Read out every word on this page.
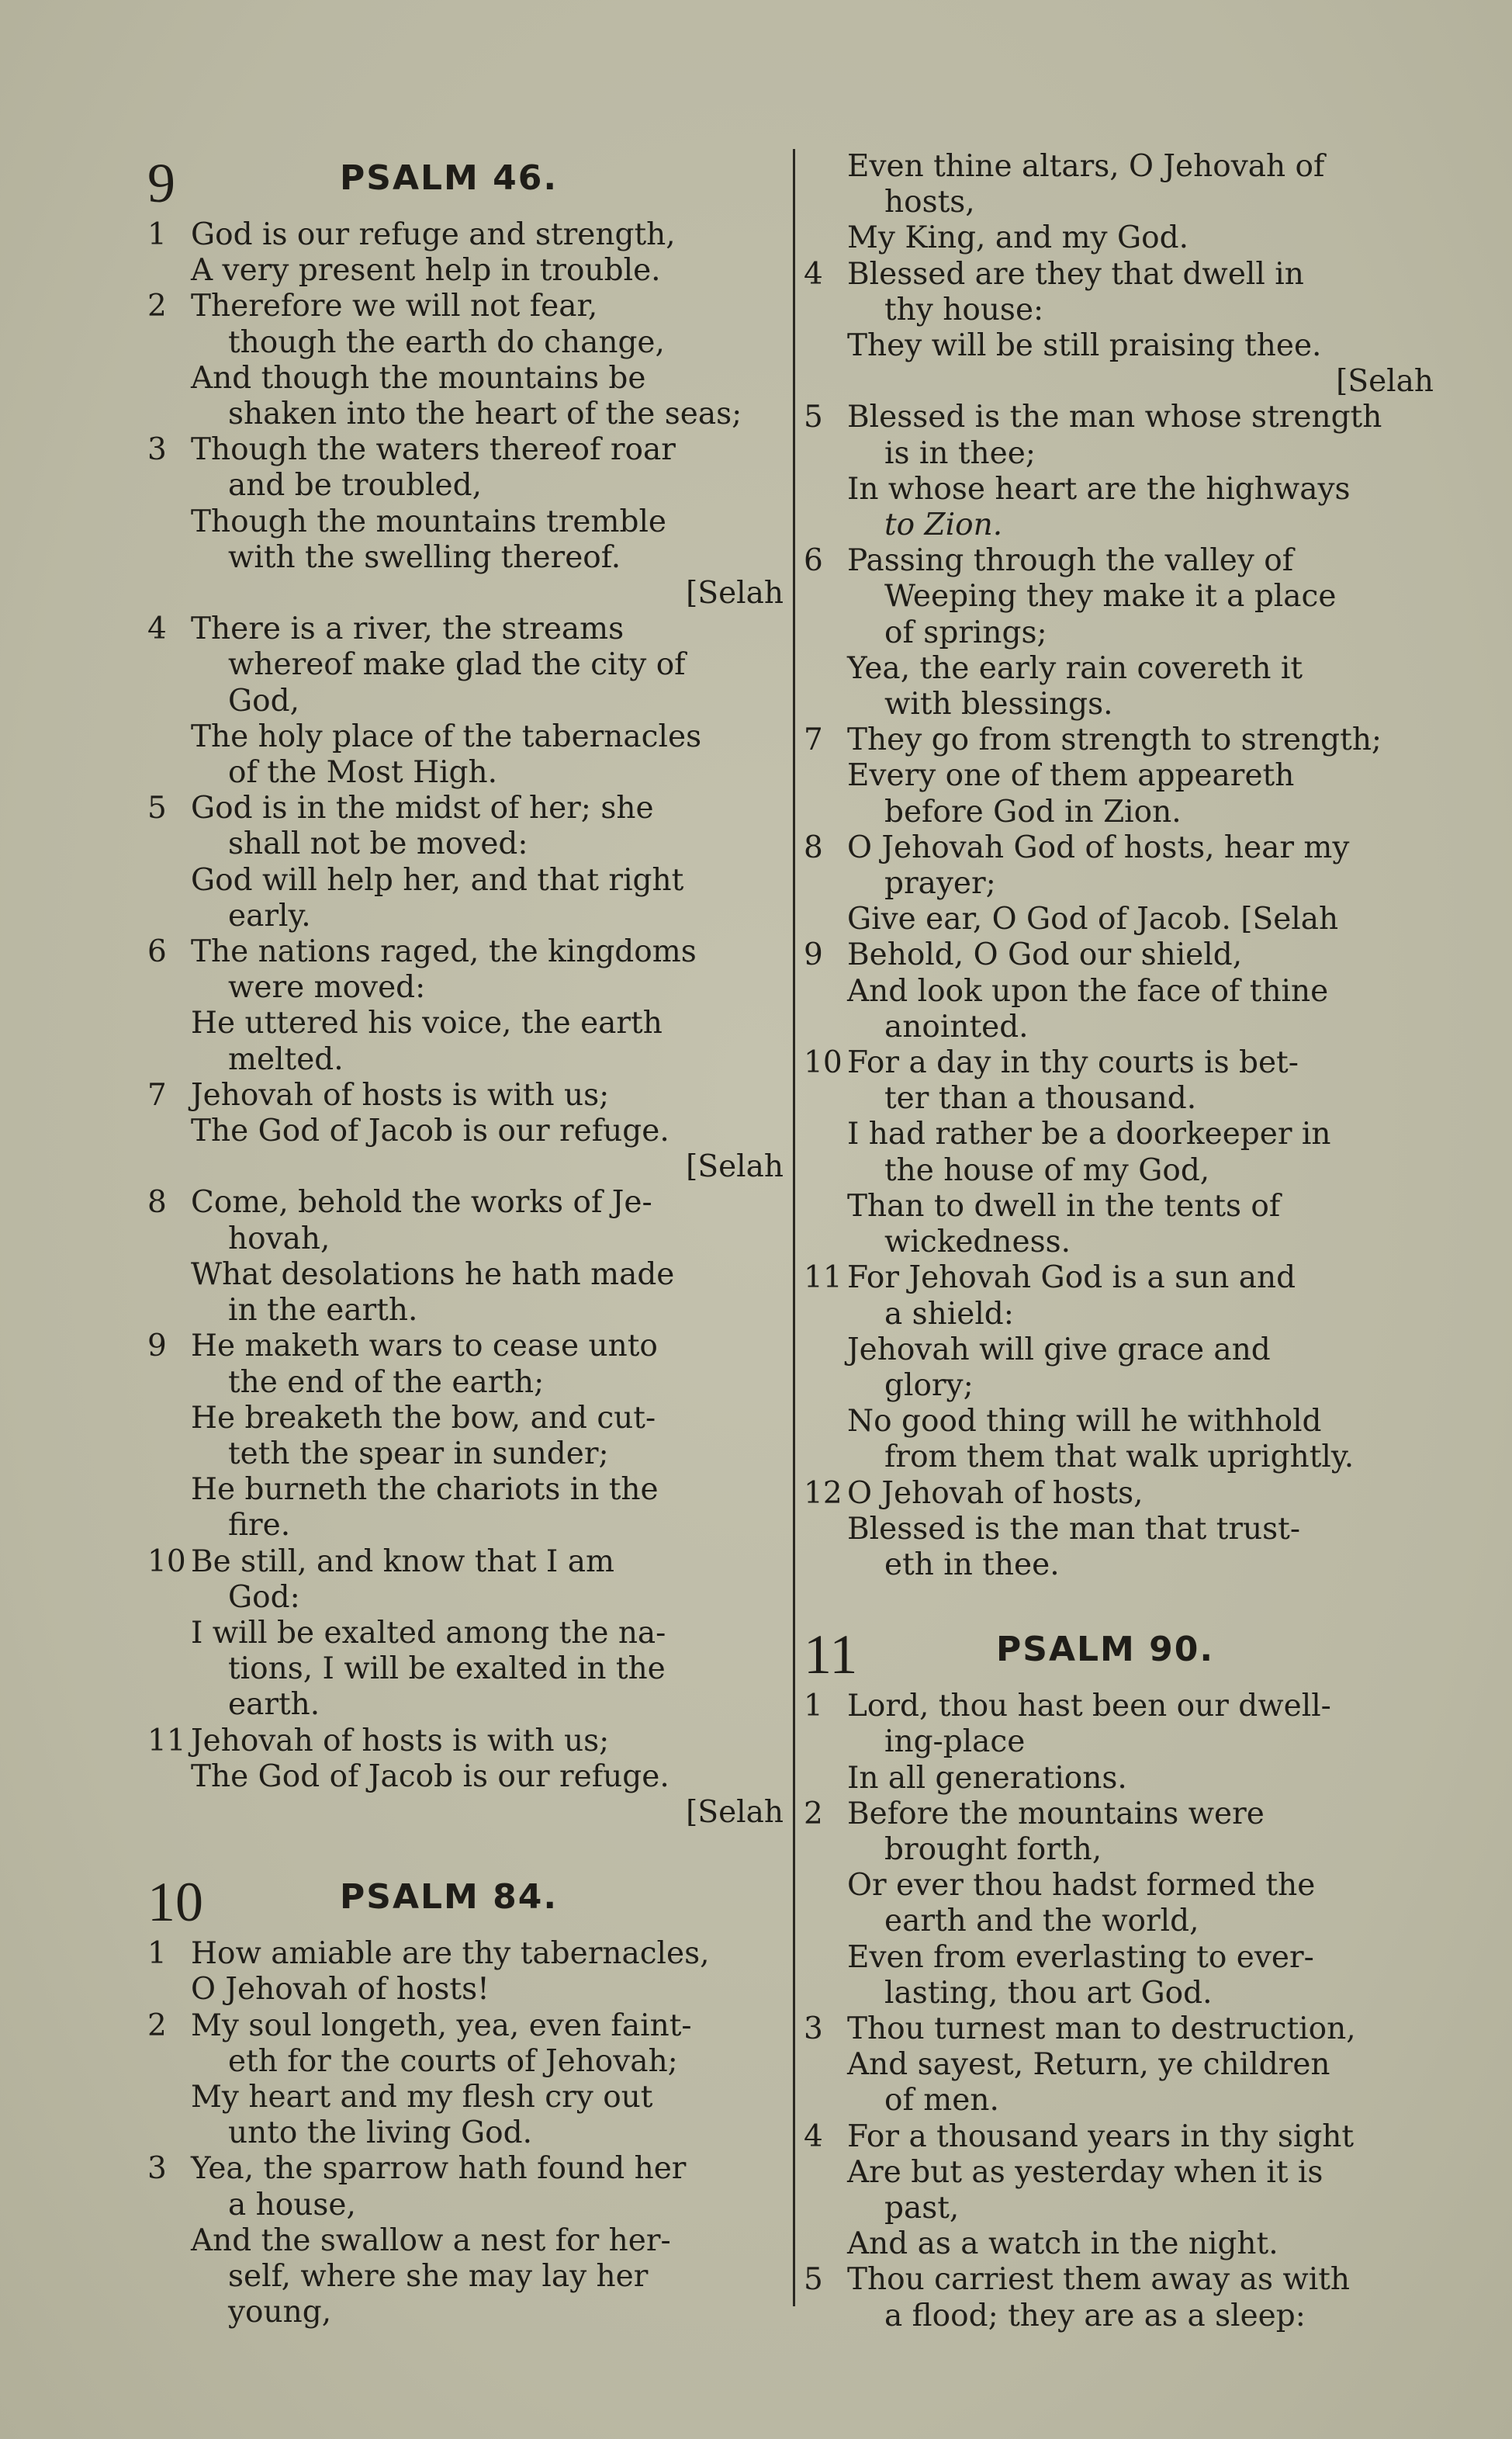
9	PSALM 46.
1 God is our refuge and strength,
A very present help in trouble.
2 Therefore we will not fear,
though the earth do change,
And though the mountains be
shaken into the heart of the seas;
3 Though the waters thereof roar
and be troubled,
Though the mountains tremble
with the swelling thereof.
[Selah
4 There is a river, the streams
whereof make glad the city of
God,
The holy place of the tabernacles
of the Most High.
5 God is in the midst of her; she
shall not be moved:
God will help her, and that right
early.
6 The nations raged, the kingdoms
were moved:
He uttered his voice, the earth
melted.
7 Jehovah of hosts is with us;
The God of Jacob is our refuge.
[Selah
8 Come, behold the works of Je-
hovah,
What desolations he hath made
in the earth.
9 He maketh wars to cease unto
the end of the earth;
He breaketh the bow, and cut-
teth the spear in sunder;
He burneth the chariots in the
fire.
10 Be still, and know that I am
God:
I will be exalted among the na-
tions, I will be exalted in the
earth.
11 Jehovah of hosts is with us;
The God of Jacob is our refuge.
[Selah
10	PSALM 84.
1 How amiable are thy tabernacles,
O Jehovah of hosts!
2 My soul longeth, yea, even faint-
eth for the courts of Jehovah;
My heart and my flesh cry out
unto the living God.
3 Yea, the sparrow hath found her
a house,
And the swallow a nest for her-
self, where she may lay her
young,
Even thine altars, O Jehovah of
hosts,
My King, and my God.
4 Blessed are they that dwell in
thy house:
They will be still praising thee.
[Selah
5 Blessed is the man whose strength
is in thee;
In whose heart are the highways
to Zion.
6 Passing through the valley of
Weeping they make it a place
of springs;
Yea, the early rain covereth it
with blessings.
7 They go from strength to strength;
Every one of them appeareth
before God in Zion.
8 O Jehovah God of hosts, hear my
prayer;
Give ear, O God of Jacob. [Selah
9 Behold, O God our shield,
And look upon the face of thine
anointed.
10 For a day in thy courts is bet-
ter than a thousand.
I had rather be a doorkeeper in
the house of my God,
Than to dwell in the tents of
wickedness.
11 For Jehovah God is a sun and
a shield:
Jehovah will give grace and
glory;
No good thing will he withhold
from them that walk uprightly.
12 O Jehovah of hosts,
Blessed is the man that trust-
eth in thee.
11	PSALM 90.
1 Lord, thou hast been our dwell-
ing-place
In all generations.
2 Before the mountains were
brought forth,
Or ever thou hadst formed the
earth and the world,
Even from everlasting to ever-
lasting, thou art God.
3 Thou turnest man to destruction,
And sayest, Return, ye children
of men.
4 For a thousand years in thy sight
Are but as yesterday when it is
past,
And as a watch in the night.
5 Thou carriest them away as with
a flood; they are as a sleep:
